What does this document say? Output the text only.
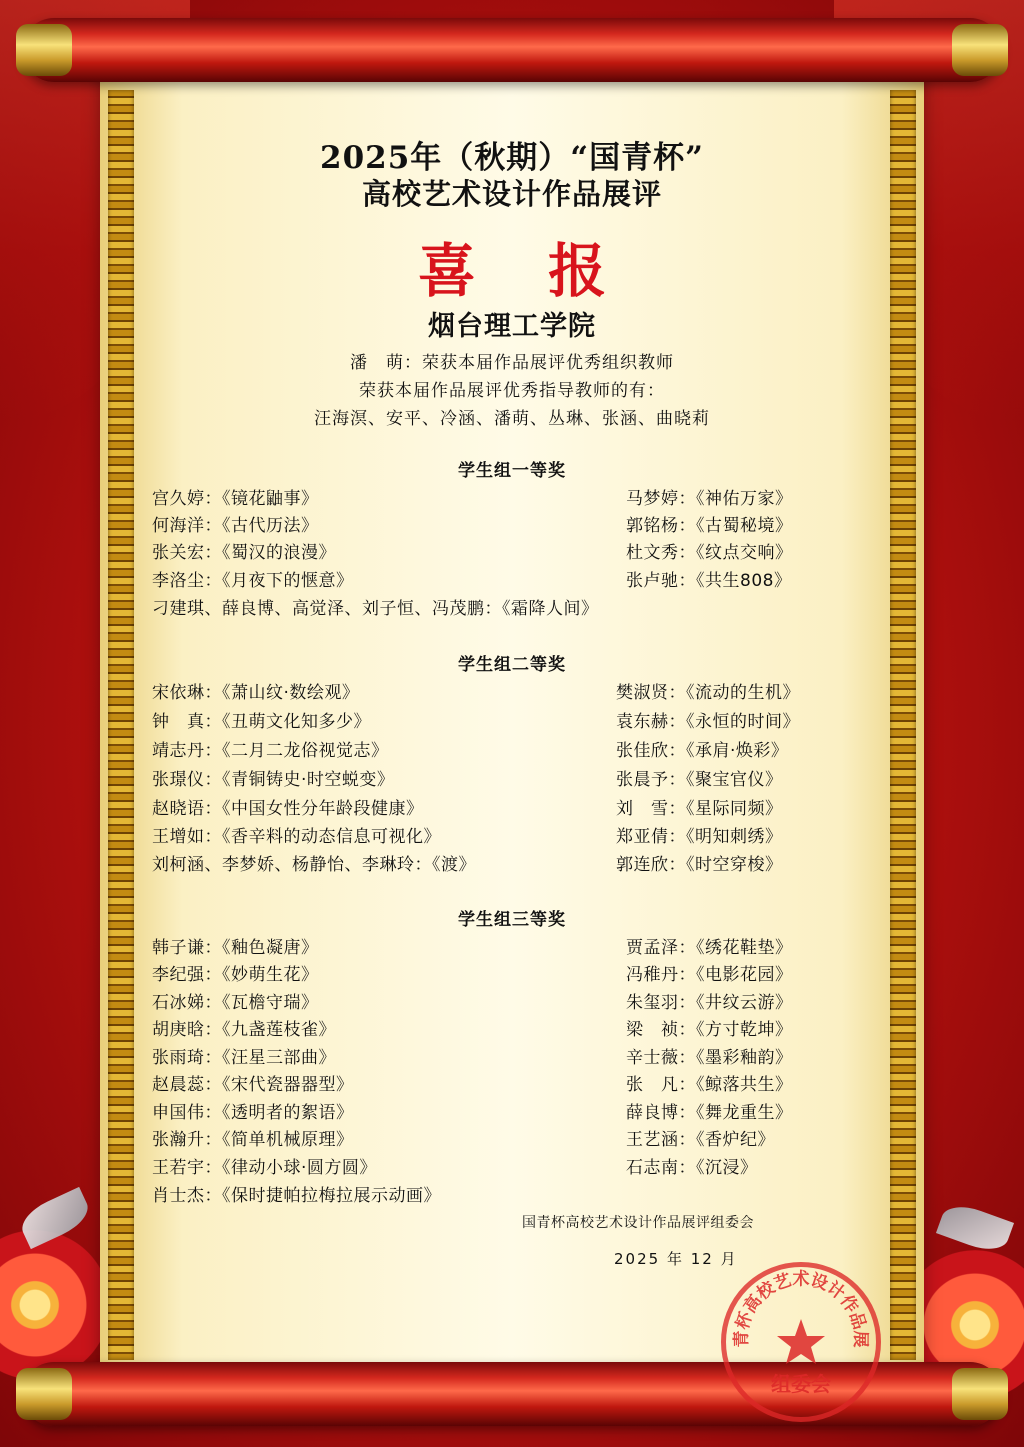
2025年（秋期）“国青杯”
高校艺术设计作品展评
喜 报
烟台理工学院
潘　萌：荣获本届作品展评优秀组织教师
荣获本届作品展评优秀指导教师的有：
汪海溟、安平、冷涵、潘萌、丛琳、张涵、曲晓莉
学生组一等奖
宫久婷：《镜花鼬事》	马梦婷：《神佑万家》
何海洋：《古代历法》	郭铭杨：《古蜀秘境》
张关宏：《蜀汉的浪漫》	杜文秀：《纹点交响》
李洛尘：《月夜下的惬意》	张卢驰：《共生808》
刁建琪、薛良博、高觉泽、刘子恒、冯茂鹏：《霜降人间》
学生组二等奖
宋依琳：《萧山纹·数绘观》	樊淑贤：《流动的生机》
钟　真：《丑萌文化知多少》	袁东赫：《永恒的时间》
靖志丹：《二月二龙俗视觉志》	张佳欣：《承肩·焕彩》
张璟仪：《青铜铸史·时空蜕变》	张晨予：《聚宝官仪》
赵晓语：《中国女性分年龄段健康》	刘　雪：《星际同频》
王增如：《香辛料的动态信息可视化》	郑亚倩：《明知刺绣》
刘柯涵、李梦娇、杨静怡、李琳玲：《渡》	郭连欣：《时空穿梭》
学生组三等奖
韩子谦：《釉色凝唐》	贾孟泽：《绣花鞋垫》
李纪强：《妙萌生花》	冯稚丹：《电影花园》
石冰娣：《瓦檐守瑞》	朱玺羽：《井纹云游》
胡庚晗：《九盏莲枝雀》	梁　祯：《方寸乾坤》
张雨琦：《汪星三部曲》	辛士薇：《墨彩釉韵》
赵晨蕊：《宋代瓷器器型》	张　凡：《鲸落共生》
申国伟：《透明者的絮语》	薛良博：《舞龙重生》
张瀚升：《简单机械原理》	王艺涵：《香炉纪》
王若宇：《律动小球·圆方圆》	石志南：《沉浸》
肖士杰：《保时捷帕拉梅拉展示动画》
国青杯高校艺术设计作品展评组委会
2025 年 12 月
青杯高校艺术设计作品展
组委会
